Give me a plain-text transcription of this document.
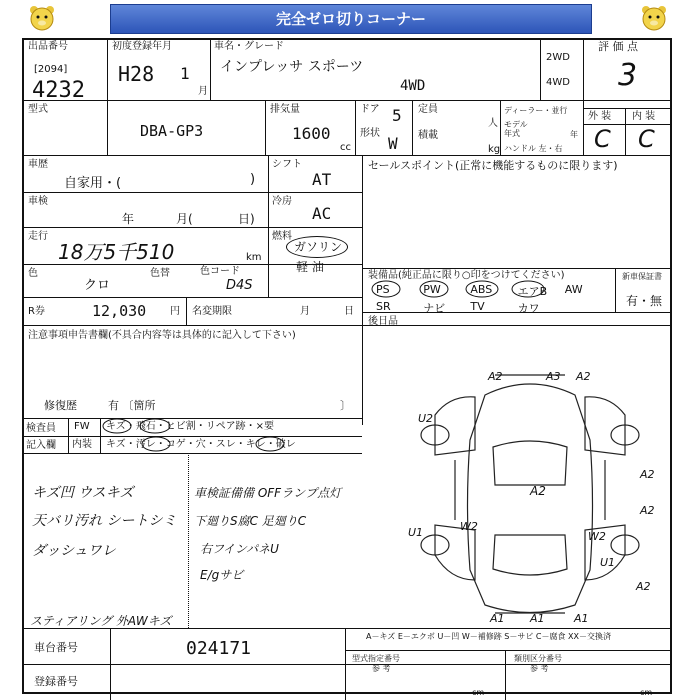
完全ゼロ切りコーナー
出品番号
[2094]
4232
初度登録年月
H28 1
月
車名・グレード
インプレッサ スポーツ
4WD
2WD
4WD
評 価 点
3
外 装 内 装
C C
型式
DBA-GP3
排気量
1600
cc
ドア 5
形状
W
定員
人
積載
kg
ディーラー・並行
モデル
年式	年
ハンドル 左・右
車歴
自家用・(	)
シフト
AT
車検
年	月(	日)
冷房
AC
走行
18万5千510	km
燃料
ガソリン
軽 油
色
クロ
色替	色コード
D4S
R券	12,030 円 名変期限	月	日
セールスポイント(正常に機能するものに限ります)
装備品(純正品に限り○印をつけてください)
PS	PW	ABS	エアB	AW
SR	ナビ	TV	カワ
新車保証書
有・無
後日品
注意事項申告書欄(不具合内容等は具体的に記入して下さい)
修復歴	有 〔箇所	〕
検査員
記入欄
FW キズ・飛石・ヒビ割・リペア跡・×要
内装 キズ・汚レ・コゲ・穴・スレ・キレ・破レ
キズ凹 ウスキズ
天バリ汚れ シートシミ
ダッシュワレ
車検証備備 OFFランプ点灯
下廻りS腐C 足廻りC
右フインパネU
E/gサビ
スティアリング 外AWキズ
A2	A3 A2
U2
A2
A2
W2
A2
W2
U1
U1
A1 A1	A1
A2
A－キズ E－エクボ U－凹 W－補修跡 S－サビ C－腐食 XX－交換済
車台番号	024171
登録番号
型式指定番号
参 考
類別区分番号
参 考
cm	cm
